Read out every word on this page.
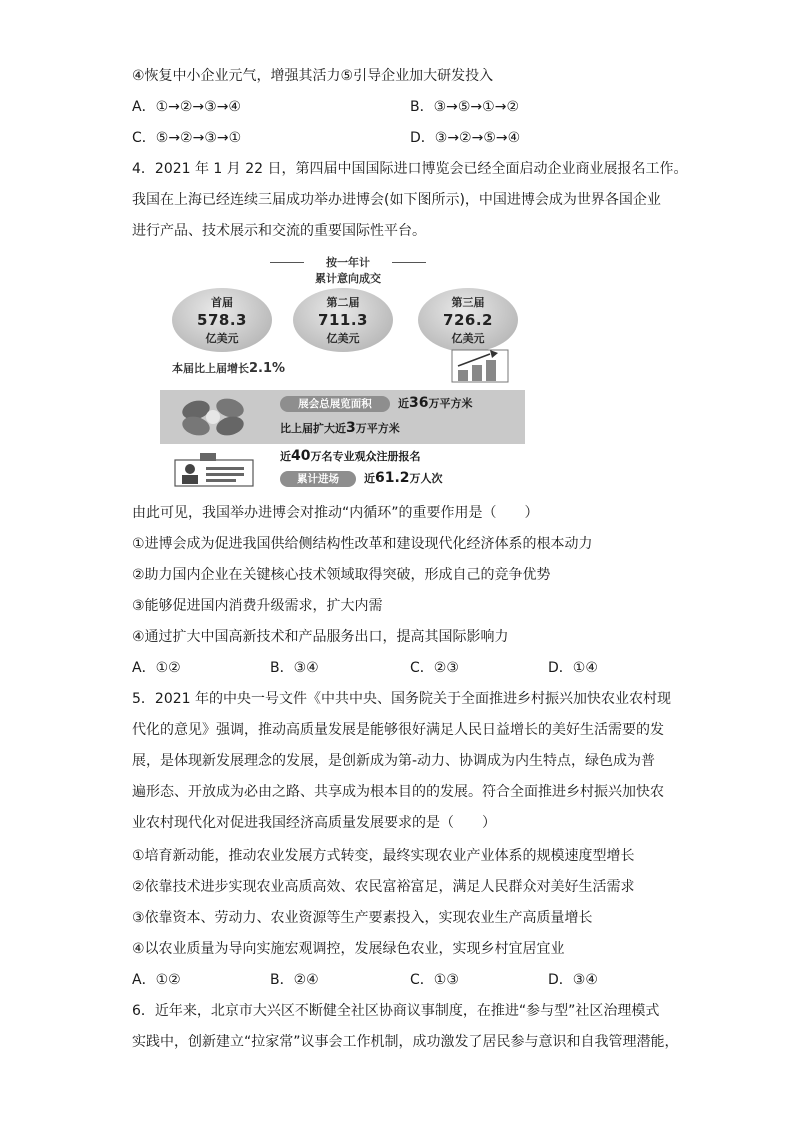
④恢复中小企业元气，增强其活力⑤引导企业加大研发投入
A．①→②→③→④	B．③→⑤→①→②
C．⑤→②→③→①	D．③→②→⑤→④
4．2021 年 1 月 22 日，第四届中国国际进口博览会已经全面启动企业商业展报名工作。
我国在上海已经连续三届成功举办进博会(如下图所示)，中国进博会成为世界各国企业
进行产品、技术展示和交流的重要国际性平台。
按一年计
累计意向成交
首届
578.3
亿美元
第二届
711.3
亿美元
第三届
726.2
亿美元
本届比上届增长2.1%
展会总展览面积	近36万平方米
比上届扩大近3万平方米
近40万名专业观众注册报名
累计进场	近61.2万人次
由此可见，我国举办进博会对推动“内循环”的重要作用是（　　）
①进博会成为促进我国供给侧结构性改革和建设现代化经济体系的根本动力
②助力国内企业在关键核心技术领域取得突破，形成自己的竞争优势
③能够促进国内消费升级需求，扩大内需
④通过扩大中国高新技术和产品服务出口，提高其国际影响力
A．①②	B．③④	C．②③	D．①④
5．2021 年的中央一号文件《中共中央、国务院关于全面推进乡村振兴加快农业农村现
代化的意见》强调，推动高质量发展是能够很好满足人民日益增长的美好生活需要的发
展，是体现新发展理念的发展，是创新成为第-动力、协调成为内生特点，绿色成为普
遍形态、开放成为必由之路、共享成为根本目的的发展。符合全面推进乡村振兴加快农
业农村现代化对促进我国经济高质量发展要求的是（　　）
①培育新动能，推动农业发展方式转变，最终实现农业产业体系的规模速度型增长
②依靠技术进步实现农业高质高效、农民富裕富足，满足人民群众对美好生活需求
③依靠资本、劳动力、农业资源等生产要素投入，实现农业生产高质量增长
④以农业质量为导向实施宏观调控，发展绿色农业，实现乡村宜居宜业
A．①②	B．②④	C．①③	D．③④
6．近年来，北京市大兴区不断健全社区协商议事制度，在推进“参与型”社区治理模式
实践中，创新建立“拉家常”议事会工作机制，成功激发了居民参与意识和自我管理潜能，
